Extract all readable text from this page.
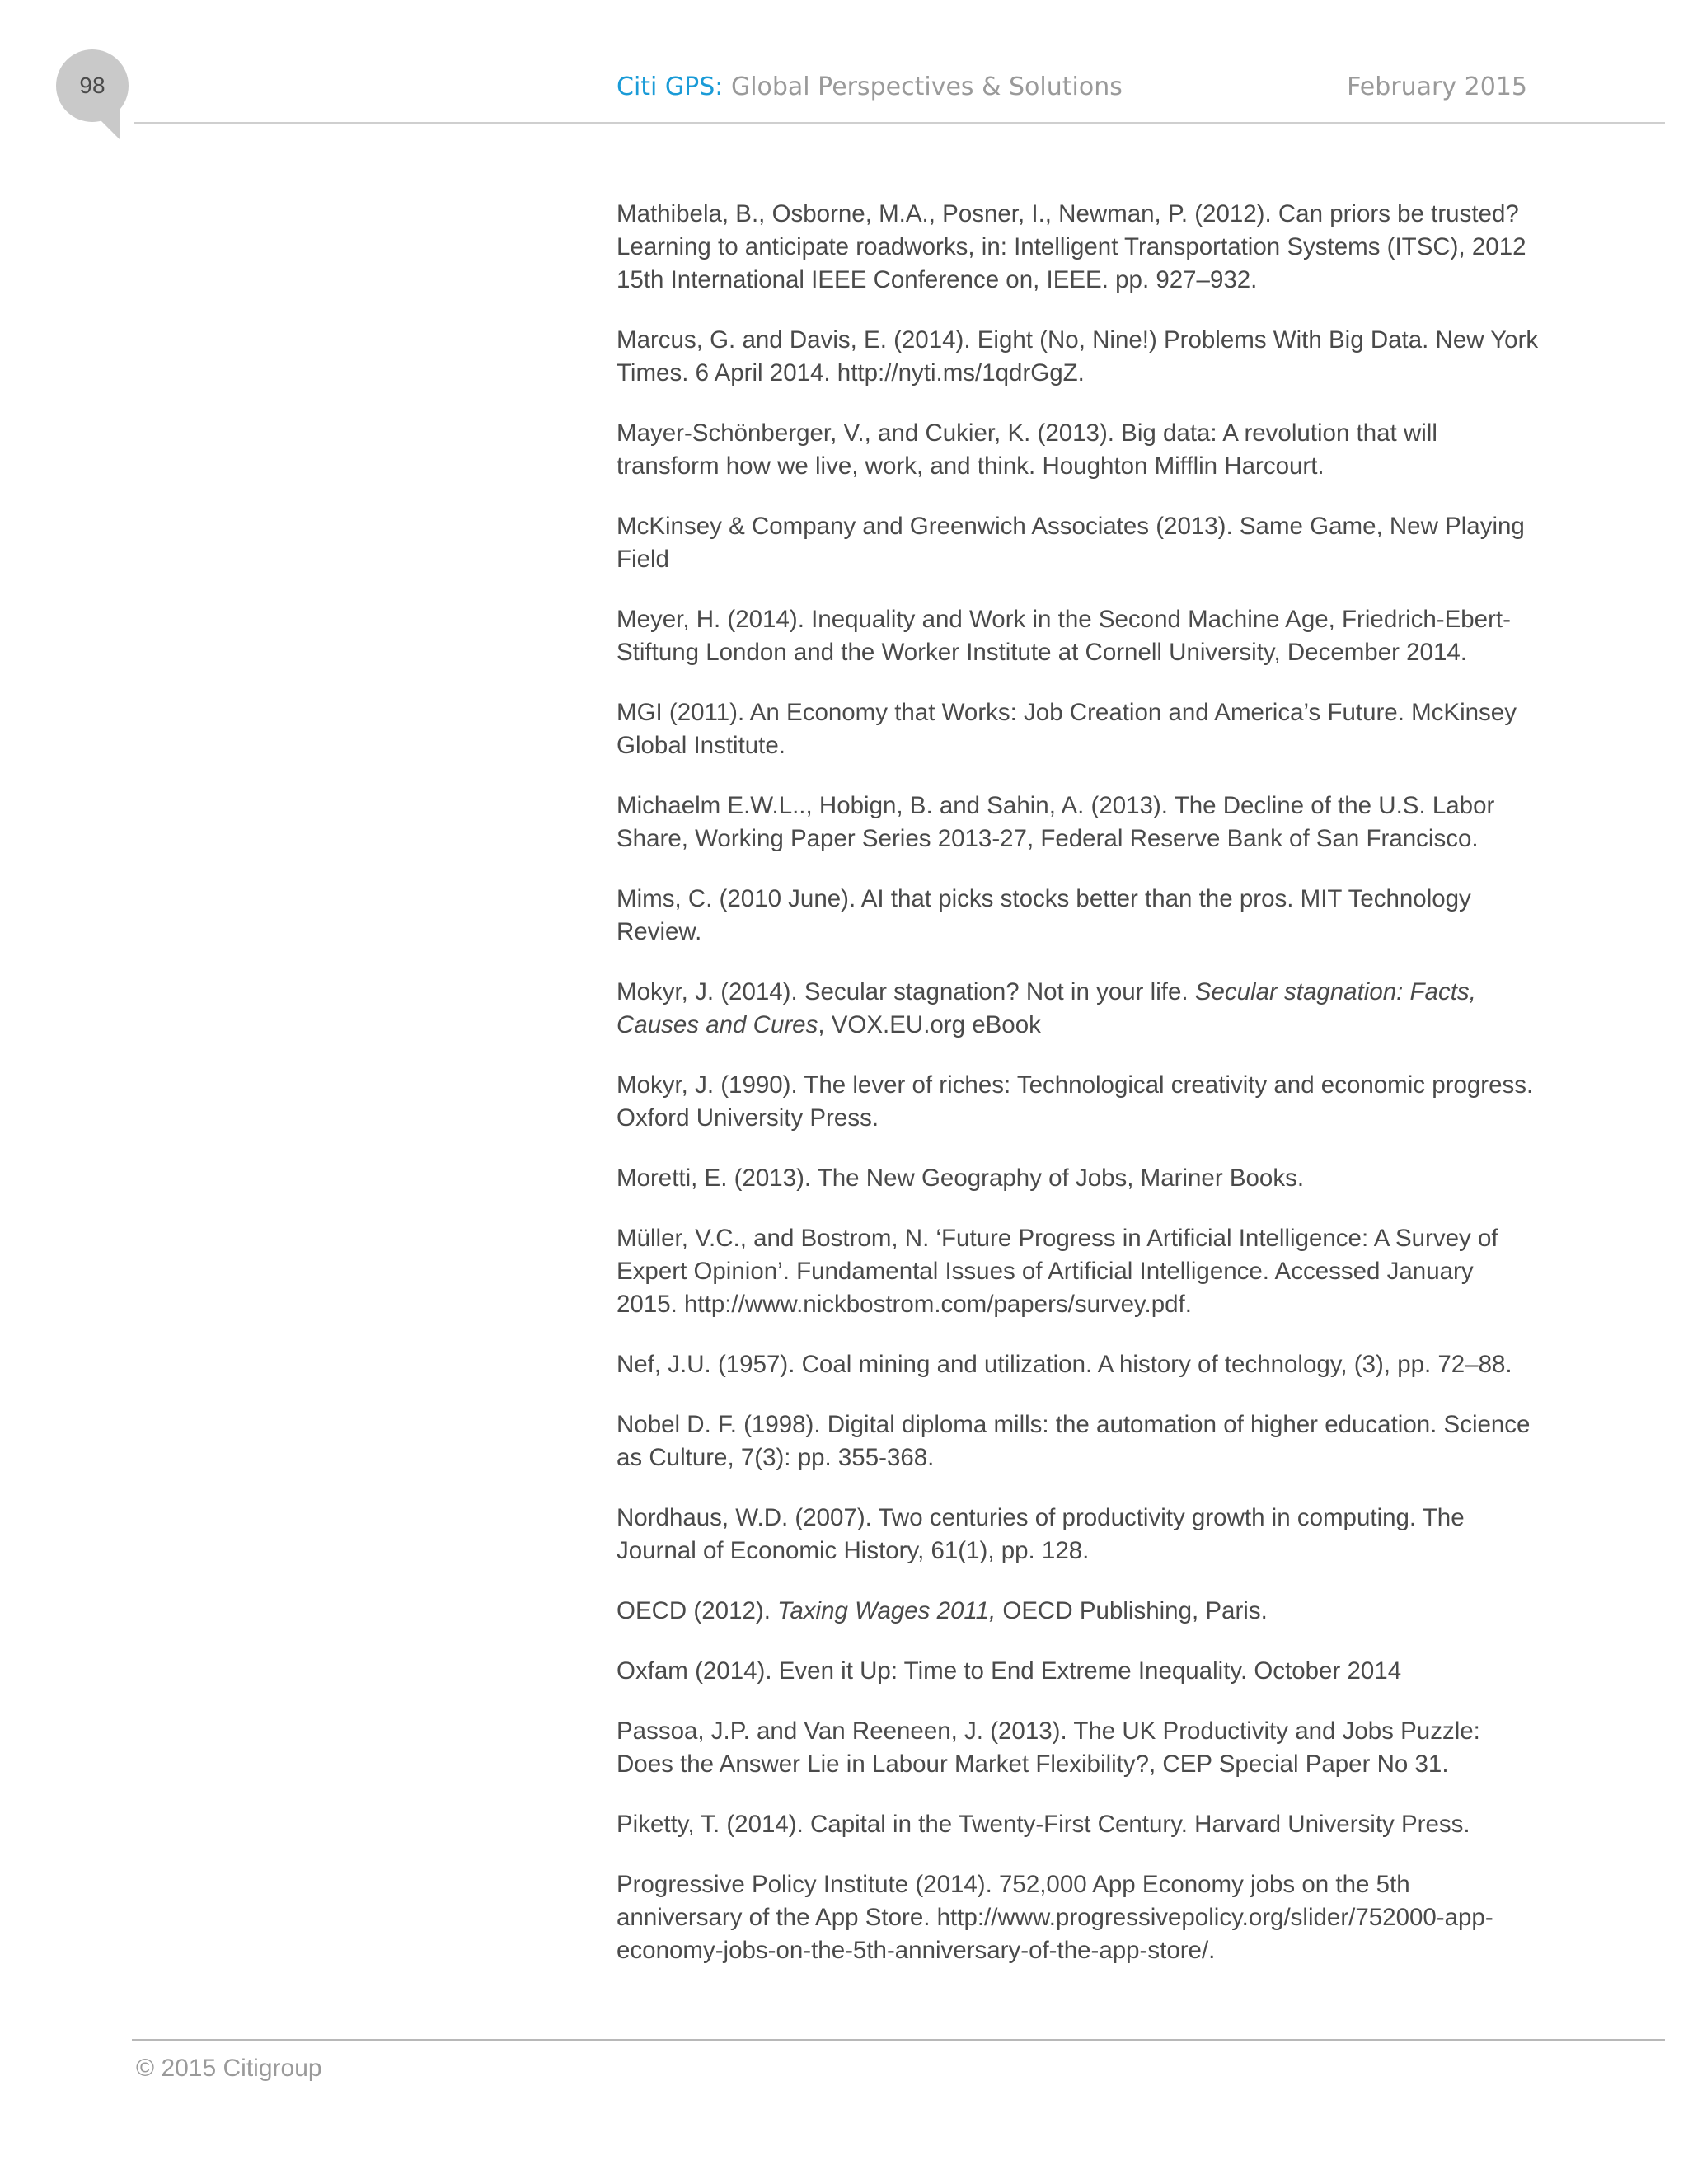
98	Citi GPS: Global Perspectives & Solutions	February 2015
Mathibela, B., Osborne, M.A., Posner, I., Newman, P. (2012). Can priors be trusted? Learning to anticipate roadworks, in: Intelligent Transportation Systems (ITSC), 2012 15th International IEEE Conference on, IEEE. pp. 927–932.
Marcus, G. and Davis, E. (2014). Eight (No, Nine!) Problems With Big Data. New York Times. 6 April 2014. http://nyti.ms/1qdrGgZ.
Mayer-Schönberger, V., and Cukier, K. (2013). Big data: A revolution that will transform how we live, work, and think. Houghton Mifflin Harcourt.
McKinsey & Company and Greenwich Associates (2013). Same Game, New Playing Field
Meyer, H. (2014). Inequality and Work in the Second Machine Age, Friedrich-Ebert-Stiftung London and the Worker Institute at Cornell University, December 2014.
MGI (2011). An Economy that Works: Job Creation and America’s Future. McKinsey Global Institute.
Michaelm E.W.L.., Hobign, B. and Sahin, A. (2013). The Decline of the U.S. Labor Share, Working Paper Series 2013-27, Federal Reserve Bank of San Francisco.
Mims, C. (2010 June). AI that picks stocks better than the pros. MIT Technology Review.
Mokyr, J. (2014). Secular stagnation? Not in your life. Secular stagnation: Facts, Causes and Cures, VOX.EU.org eBook
Mokyr, J. (1990). The lever of riches: Technological creativity and economic progress. Oxford University Press.
Moretti, E. (2013). The New Geography of Jobs, Mariner Books.
Müller, V.C., and Bostrom, N. ‘Future Progress in Artificial Intelligence: A Survey of Expert Opinion’. Fundamental Issues of Artificial Intelligence. Accessed January 2015. http://www.nickbostrom.com/papers/survey.pdf.
Nef, J.U. (1957). Coal mining and utilization. A history of technology, (3), pp. 72–88.
Nobel D. F. (1998). Digital diploma mills: the automation of higher education. Science as Culture, 7(3): pp. 355-368.
Nordhaus, W.D. (2007). Two centuries of productivity growth in computing. The Journal of Economic History, 61(1), pp. 128.
OECD (2012). Taxing Wages 2011, OECD Publishing, Paris.
Oxfam (2014). Even it Up: Time to End Extreme Inequality. October 2014
Passoa, J.P. and Van Reeneen, J. (2013). The UK Productivity and Jobs Puzzle: Does the Answer Lie in Labour Market Flexibility?, CEP Special Paper No 31.
Piketty, T. (2014). Capital in the Twenty-First Century. Harvard University Press.
Progressive Policy Institute (2014). 752,000 App Economy jobs on the 5th anniversary of the App Store. http://www.progressivepolicy.org/slider/752000-app-economy-jobs-on-the-5th-anniversary-of-the-app-store/.
© 2015 Citigroup
